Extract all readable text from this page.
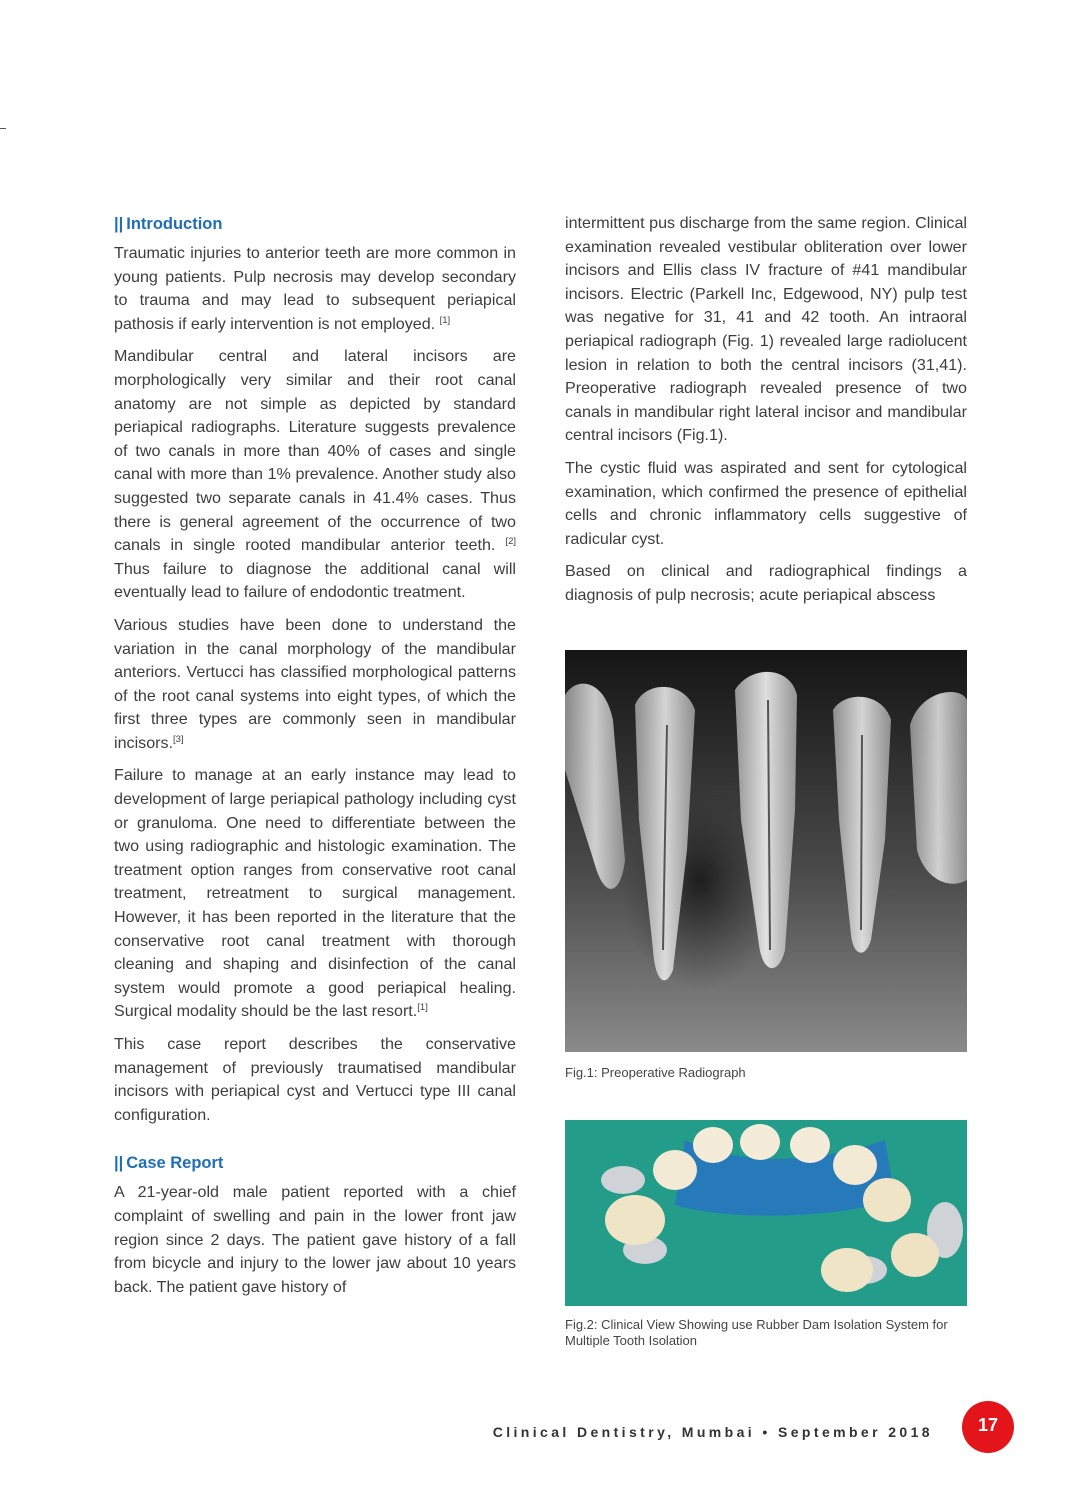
|| Introduction

Traumatic injuries to anterior teeth are more common in young patients. Pulp necrosis may develop secondary to trauma and may lead to subsequent periapical pathosis if early intervention is not employed. [1]

Mandibular central and lateral incisors are morphologically very similar and their root canal anatomy are not simple as depicted by standard periapical radiographs. Literature suggests prevalence of two canals in more than 40% of cases and single canal with more than 1% prevalence. Another study also suggested two separate canals in 41.4% cases. Thus there is general agreement of the occurrence of two canals in single rooted mandibular anterior teeth. [2] Thus failure to diagnose the additional canal will eventually lead to failure of endodontic treatment.

Various studies have been done to understand the variation in the canal morphology of the mandibular anteriors. Vertucci has classified morphological patterns of the root canal systems into eight types, of which the first three types are commonly seen in mandibular incisors.[3]

Failure to manage at an early instance may lead to development of large periapical pathology including cyst or granuloma. One need to differentiate between the two using radiographic and histologic examination. The treatment option ranges from conservative root canal treatment, retreatment to surgical management. However, it has been reported in the literature that the conservative root canal treatment with thorough cleaning and shaping and disinfection of the canal system would promote a good periapical healing. Surgical modality should be the last resort.[1]

This case report describes the conservative management of previously traumatised mandibular incisors with periapical cyst and Vertucci type III canal configuration.

|| Case Report

A 21-year-old male patient reported with a chief complaint of swelling and pain in the lower front jaw region since 2 days. The patient gave history of a fall from bicycle and injury to the lower jaw about 10 years back. The patient gave history of

intermittent pus discharge from the same region. Clinical examination revealed vestibular obliteration over lower incisors and Ellis class IV fracture of #41 mandibular incisors. Electric (Parkell Inc, Edgewood, NY) pulp test was negative for 31, 41 and 42 tooth. An intraoral periapical radiograph (Fig. 1) revealed large radiolucent lesion in relation to both the central incisors (31,41). Preoperative radiograph revealed presence of two canals in mandibular right lateral incisor and mandibular central incisors (Fig.1).

The cystic fluid was aspirated and sent for cytological examination, which confirmed the presence of epithelial cells and chronic inflammatory cells suggestive of radicular cyst.

Based on clinical and radiographical findings a diagnosis of pulp necrosis; acute periapical abscess

Fig.1: Preoperative Radiograph
Fig.2: Clinical View Showing use Rubber Dam Isolation System for Multiple Tooth Isolation
Clinical Dentistry, Mumbai • September 2018	17
